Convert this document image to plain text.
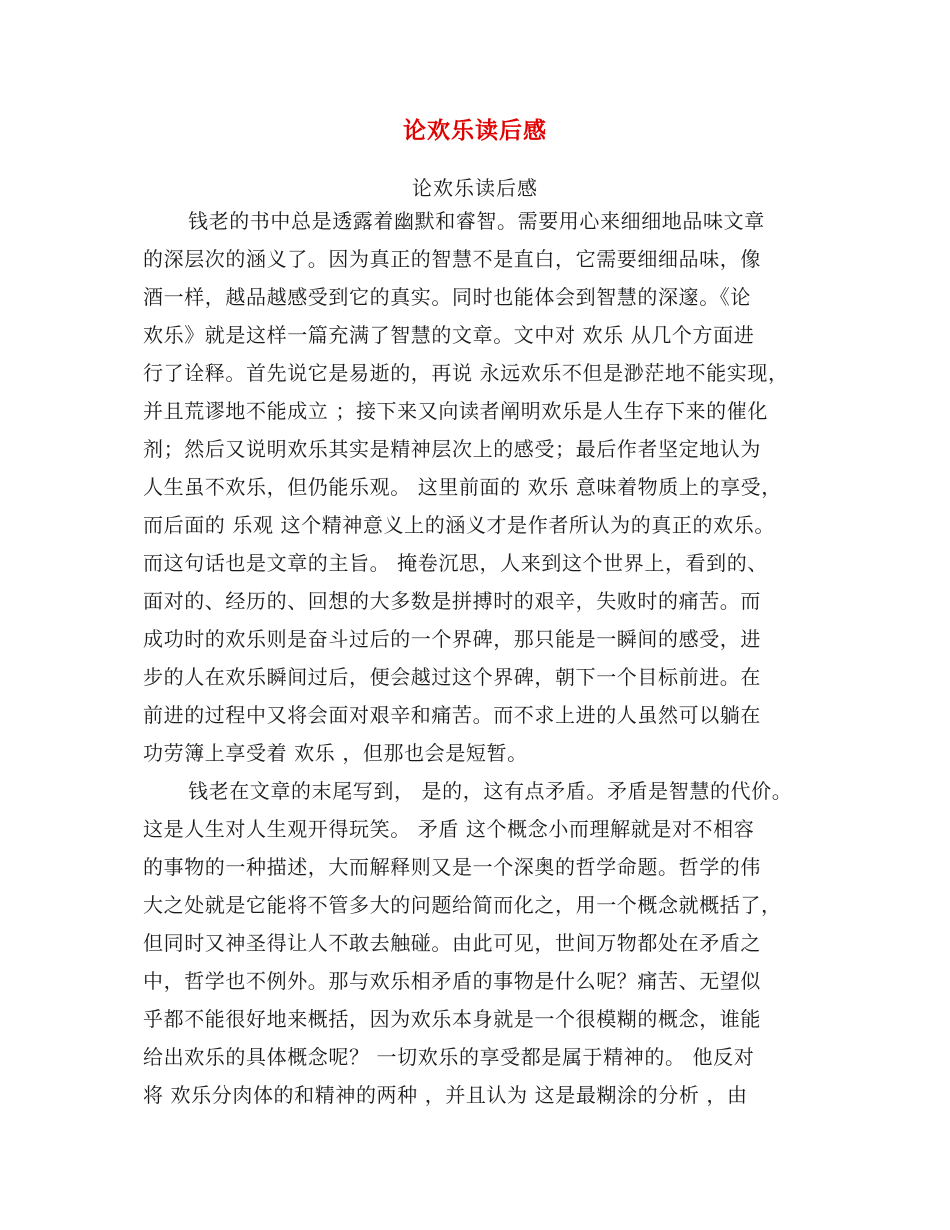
论欢乐读后感
论欢乐读后感
钱老的书中总是透露着幽默和睿智。需要用心来细细地品味文章
的深层次的涵义了。因为真正的智慧不是直白，它需要细细品味，像
酒一样，越品越感受到它的真实。同时也能体会到智慧的深邃。《论
欢乐》就是这样一篇充满了智慧的文章。文中对 欢乐 从几个方面进
行了诠释。首先说它是易逝的，再说 永远欢乐不但是渺茫地不能实现，
并且荒谬地不能成立 ；接下来又向读者阐明欢乐是人生存下来的催化
剂；然后又说明欢乐其实是精神层次上的感受；最后作者坚定地认为
人生虽不欢乐，但仍能乐观。 这里前面的 欢乐 意味着物质上的享受，
而后面的 乐观 这个精神意义上的涵义才是作者所认为的真正的欢乐。
而这句话也是文章的主旨。 掩卷沉思，人来到这个世界上，看到的、
面对的、经历的、回想的大多数是拼搏时的艰辛，失败时的痛苦。而
成功时的欢乐则是奋斗过后的一个界碑，那只能是一瞬间的感受，进
步的人在欢乐瞬间过后，便会越过这个界碑，朝下一个目标前进。在
前进的过程中又将会面对艰辛和痛苦。而不求上进的人虽然可以躺在
功劳簿上享受着 欢乐 ，但那也会是短暂。
钱老在文章的末尾写到， 是的，这有点矛盾。矛盾是智慧的代价。
这是人生对人生观开得玩笑。 矛盾 这个概念小而理解就是对不相容
的事物的一种描述，大而解释则又是一个深奥的哲学命题。哲学的伟
大之处就是它能将不管多大的问题给简而化之，用一个概念就概括了，
但同时又神圣得让人不敢去触碰。由此可见，世间万物都处在矛盾之
中，哲学也不例外。那与欢乐相矛盾的事物是什么呢？痛苦、无望似
乎都不能很好地来概括，因为欢乐本身就是一个很模糊的概念，谁能
给出欢乐的具体概念呢？ 一切欢乐的享受都是属于精神的。 他反对
将 欢乐分肉体的和精神的两种 ，并且认为 这是最糊涂的分析 ，由
